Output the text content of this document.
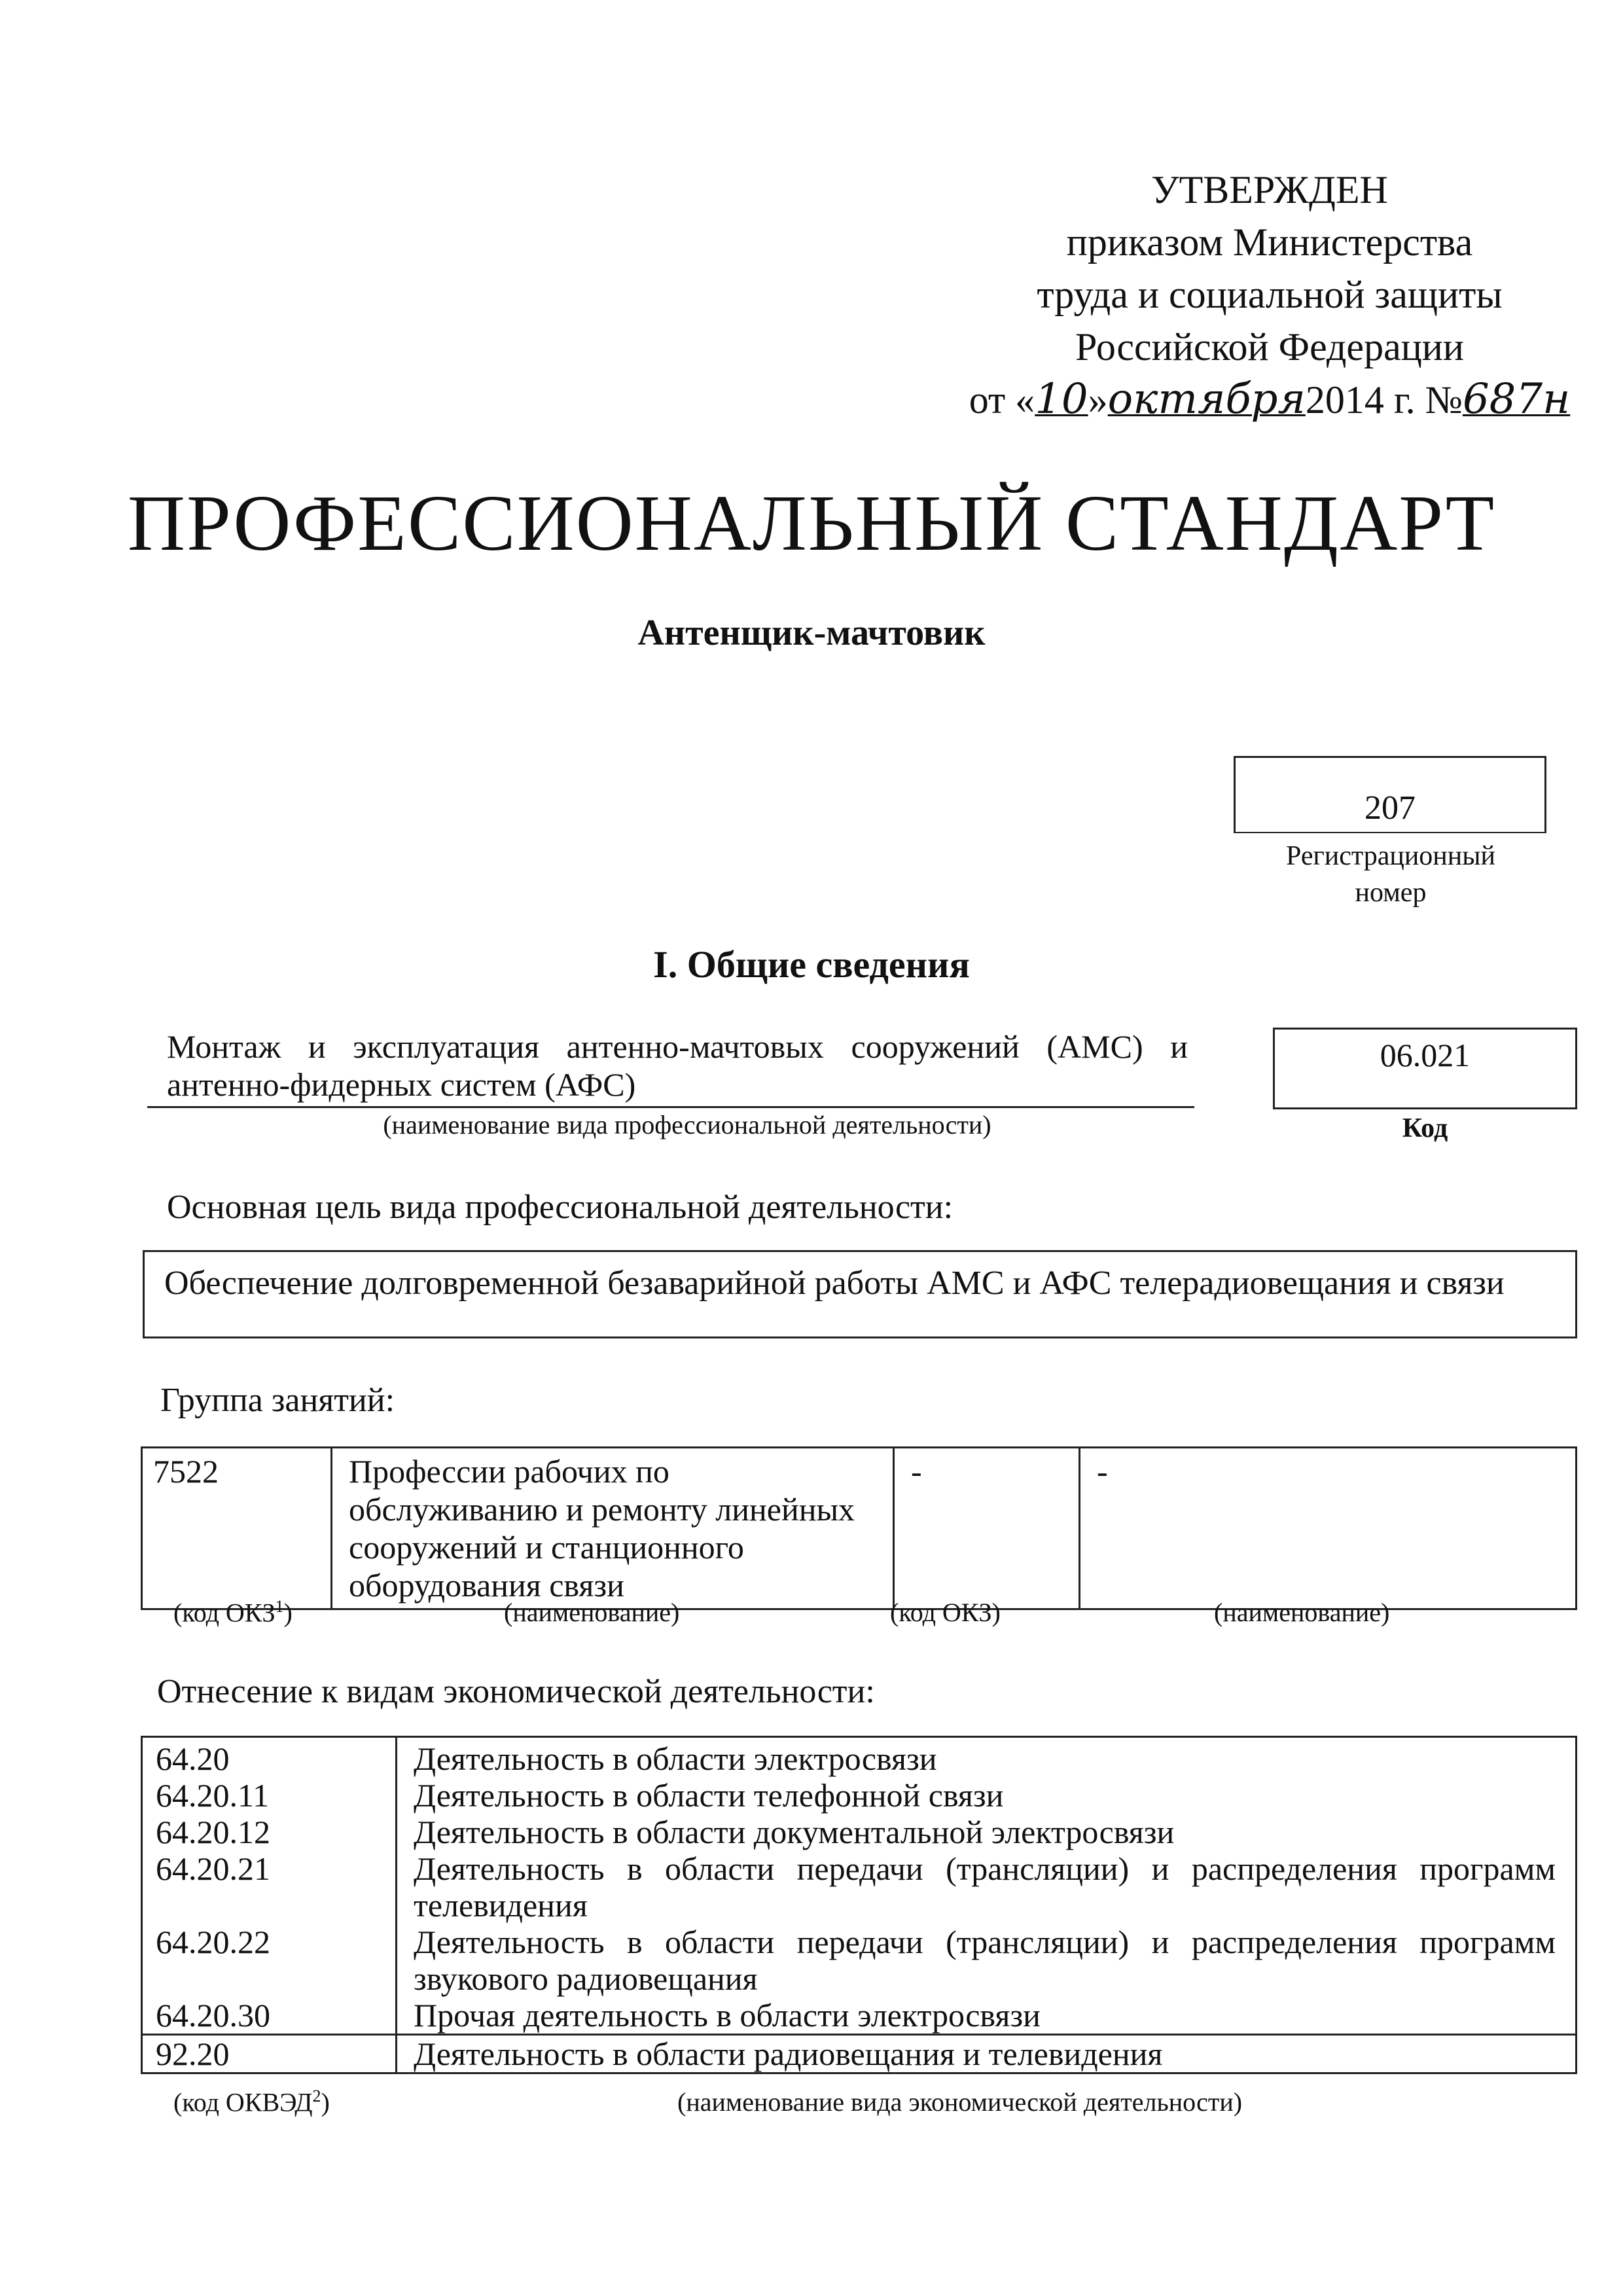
УТВЕРЖДЕН
приказом Министерства
труда и социальной защиты
Российской Федерации
от «10»октября2014 г. №687н
ПРОФЕССИОНАЛЬНЫЙ СТАНДАРТ
Антенщик-мачтовик
207
Регистрационный номер
I. Общие сведения
Монтаж и эксплуатация антенно-мачтовых сооружений (АМС) и антенно-фидерных систем (АФС)
(наименование вида профессиональной деятельности)
06.021
Код
Основная цель вида профессиональной деятельности:
Обеспечение долговременной безаварийной работы АМС и АФС телерадиовещания и связи
Группа занятий:
7522	Профессии рабочих по обслуживанию и ремонту линейных сооружений и станционного оборудования связи	-	-
(код ОКЗ$^1$)	(наименование)	(код ОКЗ)	(наименование)
Отнесение к видам экономической деятельности:
64.20	Деятельность в области электросвязи
64.20.11	Деятельность в области телефонной связи
64.20.12	Деятельность в области документальной электросвязи
64.20.21	Деятельность в области передачи (трансляции) и распределения программ телевидения
64.20.22	Деятельность в области передачи (трансляции) и распределения программ звукового радиовещания
64.20.30	Прочая деятельность в области электросвязи
92.20	Деятельность в области радиовещания и телевидения
(код ОКВЭД$^2$)	(наименование вида экономической деятельности)
